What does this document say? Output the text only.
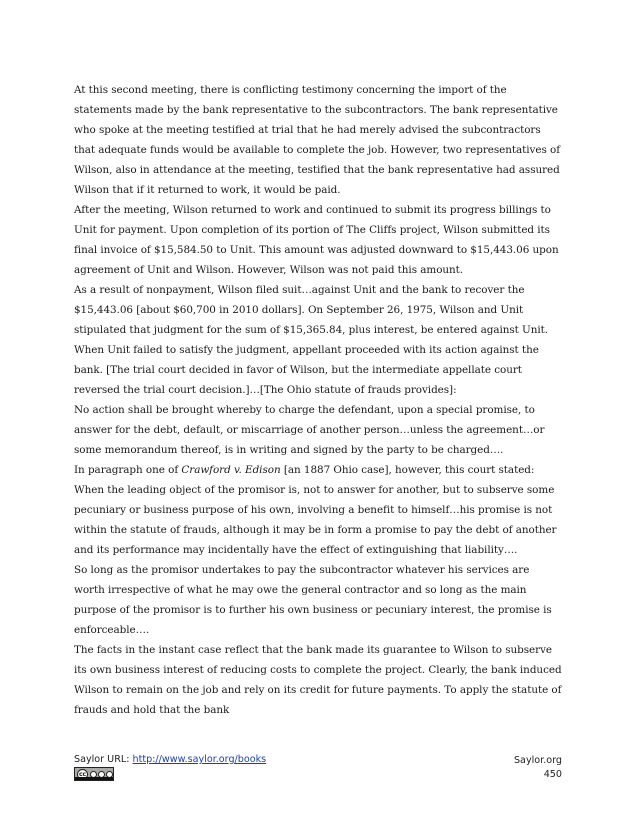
At this second meeting, there is conflicting testimony concerning the import of the statements made by the bank representative to the subcontractors. The bank representative who spoke at the meeting testified at trial that he had merely advised the subcontractors that adequate funds would be available to complete the job. However, two representatives of Wilson, also in attendance at the meeting, testified that the bank representative had assured Wilson that if it returned to work, it would be paid.

After the meeting, Wilson returned to work and continued to submit its progress billings to Unit for payment. Upon completion of its portion of The Cliffs project, Wilson submitted its final invoice of $15,584.50 to Unit. This amount was adjusted downward to $15,443.06 upon agreement of Unit and Wilson. However, Wilson was not paid this amount.

As a result of nonpayment, Wilson filed suit…against Unit and the bank to recover the $15,443.06 [about $60,700 in 2010 dollars]. On September 26, 1975, Wilson and Unit stipulated that judgment for the sum of $15,365.84, plus interest, be entered against Unit. When Unit failed to satisfy the judgment, appellant proceeded with its action against the bank. [The trial court decided in favor of Wilson, but the intermediate appellate court reversed the trial court decision.]…[The Ohio statute of frauds provides]:

No action shall be brought whereby to charge the defendant, upon a special promise, to answer for the debt, default, or miscarriage of another person…unless the agreement…or some memorandum thereof, is in writing and signed by the party to be charged….

In paragraph one of Crawford v. Edison [an 1887 Ohio case], however, this court stated:

When the leading object of the promisor is, not to answer for another, but to subserve some pecuniary or business purpose of his own, involving a benefit to himself…his promise is not within the statute of frauds, although it may be in form a promise to pay the debt of another and its performance may incidentally have the effect of extinguishing that liability….

So long as the promisor undertakes to pay the subcontractor whatever his services are worth irrespective of what he may owe the general contractor and so long as the main purpose of the promisor is to further his own business or pecuniary interest, the promise is enforceable….

The facts in the instant case reflect that the bank made its guarantee to Wilson to subserve its own business interest of reducing costs to complete the project. Clearly, the bank induced Wilson to remain on the job and rely on its credit for future payments. To apply the statute of frauds and hold that the bank

Saylor URL: http://www.saylor.org/books
cc
Saylor.org
450
